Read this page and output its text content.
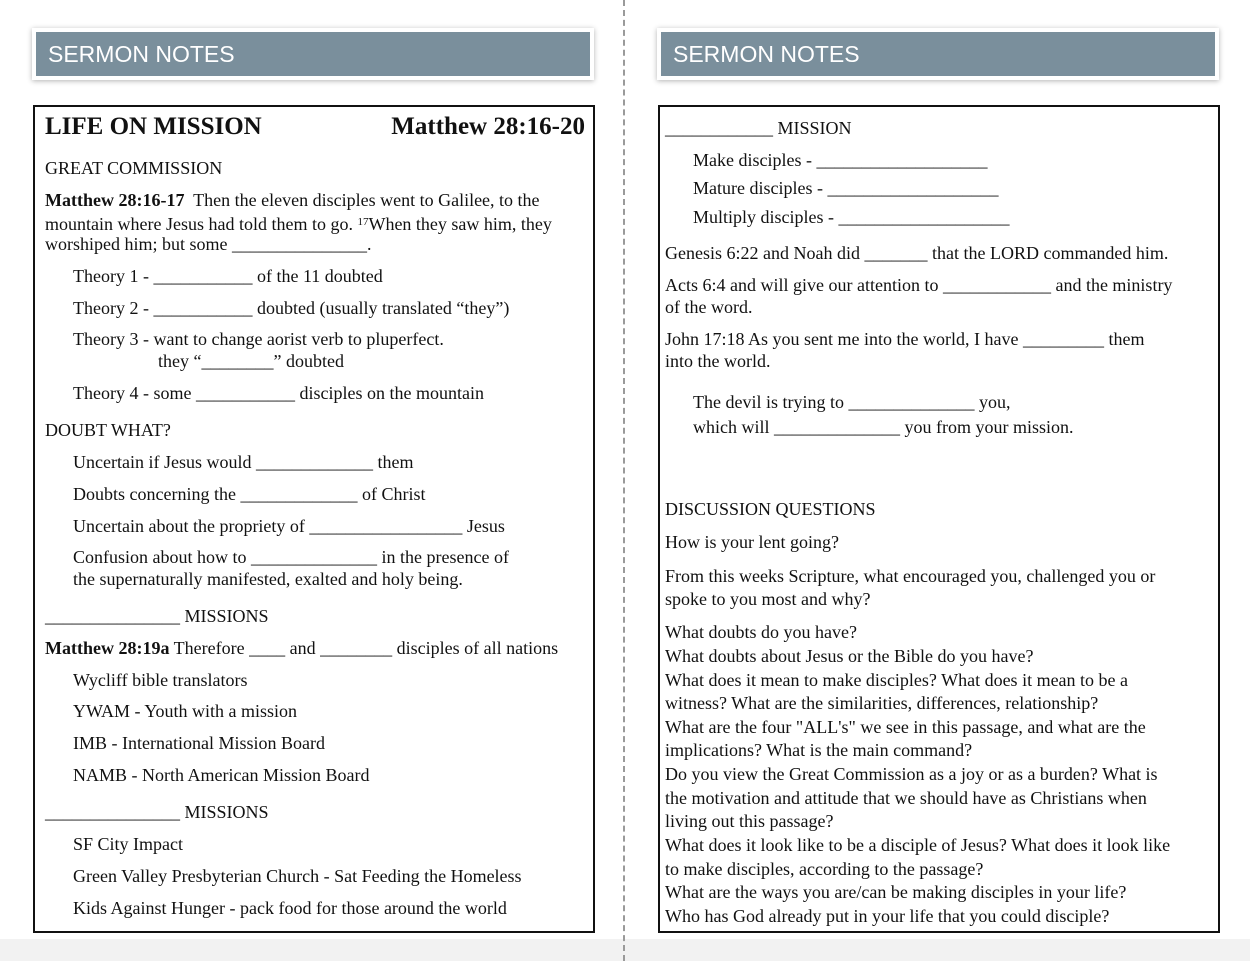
SERMON NOTES
LIFE ON MISSION	Matthew 28:16-20
GREAT COMMISSION
Matthew 28:16-17 Then the eleven disciples went to Galilee, to the
mountain where Jesus had told them to go. $^{17}$When they saw him, they
worshiped him; but some _______________.
Theory 1 - ___________ of the 11 doubted
Theory 2 - ___________ doubted (usually translated “they”)
Theory 3 - want to change aorist verb to pluperfect.
they “________” doubted
Theory 4 - some ___________ disciples on the mountain
DOUBT WHAT?
Uncertain if Jesus would _____________ them
Doubts concerning the _____________ of Christ
Uncertain about the propriety of _________________ Jesus
Confusion about how to ______________ in the presence of
the supernaturally manifested, exalted and holy being.
_______________ MISSIONS
Matthew 28:19a Therefore ____ and ________ disciples of all nations
Wycliff bible translators
YWAM - Youth with a mission
IMB - International Mission Board
NAMB - North American Mission Board
_______________ MISSIONS
SF City Impact
Green Valley Presbyterian Church - Sat Feeding the Homeless
Kids Against Hunger - pack food for those around the world
SERMON NOTES
____________ MISSION
Make disciples - ___________________
Mature disciples - ___________________
Multiply disciples - ___________________
Genesis 6:22 and Noah did _______ that the LORD commanded him.
Acts 6:4 and will give our attention to ____________ and the ministry
of the word.
John 17:18 As you sent me into the world, I have _________ them
into the world.
The devil is trying to ______________ you,
which will ______________ you from your mission.
DISCUSSION QUESTIONS
How is your lent going?
From this weeks Scripture, what encouraged you, challenged you or
spoke to you most and why?
What doubts do you have?
What doubts about Jesus or the Bible do you have?
What does it mean to make disciples? What does it mean to be a
witness? What are the similarities, differences, relationship?
What are the four "ALL's" we see in this passage, and what are the
implications? What is the main command?
Do you view the Great Commission as a joy or as a burden? What is
the motivation and attitude that we should have as Christians when
living out this passage?
What does it look like to be a disciple of Jesus? What does it look like
to make disciples, according to the passage?
What are the ways you are/can be making disciples in your life?
Who has God already put in your life that you could disciple?
